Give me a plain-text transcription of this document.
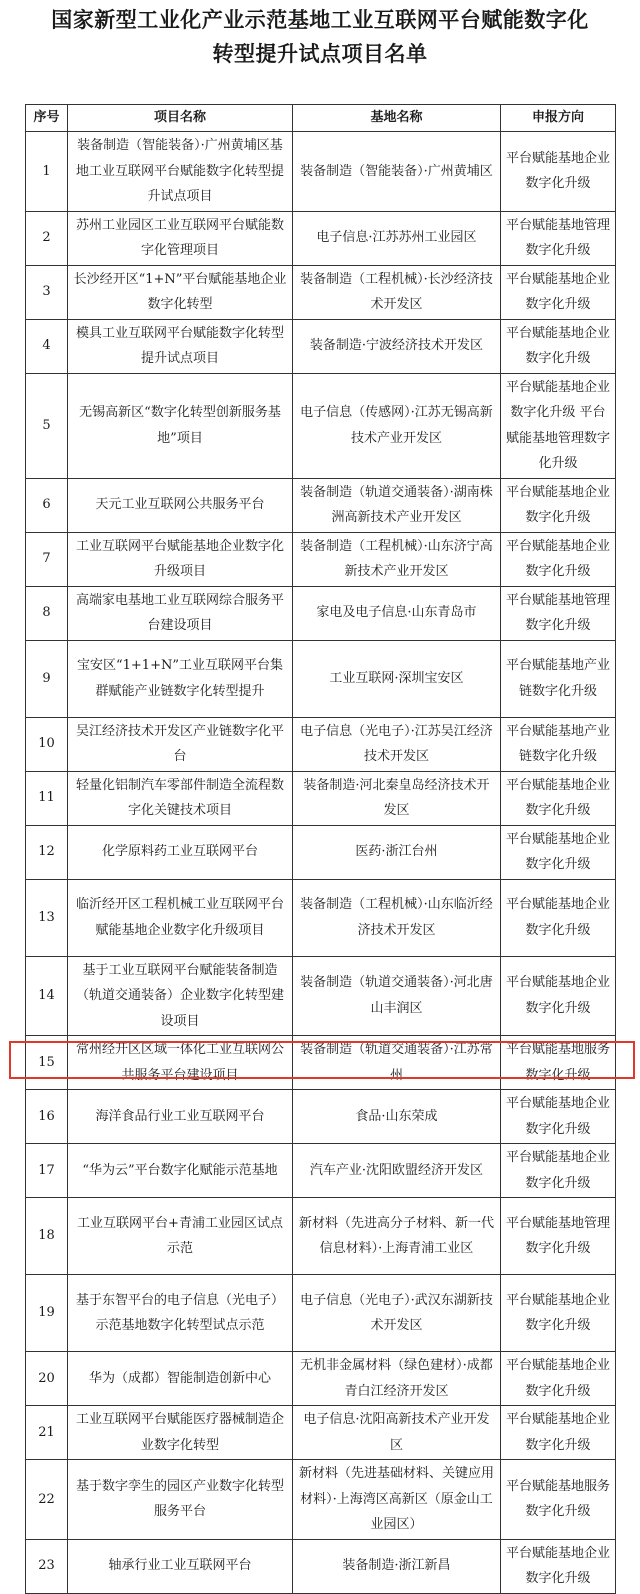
国家新型工业化产业示范基地工业互联网平台赋能数字化
转型提升试点项目名单
序号	项目名称	基地名称	申报方向
1	装备制造（智能装备）·广州黄埔区基地工业互联网平台赋能数字化转型提升试点项目	装备制造（智能装备）·广州黄埔区	平台赋能基地企业数字化升级
2	苏州工业园区工业互联网平台赋能数字化管理项目	电子信息·江苏苏州工业园区	平台赋能基地管理数字化升级
3	长沙经开区“1+N”平台赋能基地企业数字化转型	装备制造（工程机械）·长沙经济技术开发区	平台赋能基地企业数字化升级
4	模具工业互联网平台赋能数字化转型提升试点项目	装备制造·宁波经济技术开发区	平台赋能基地企业数字化升级
5	无锡高新区“数字化转型创新服务基地”项目	电子信息（传感网）·江苏无锡高新技术产业开发区	平台赋能基地企业数字化升级 平台赋能基地管理数字化升级
6	天元工业互联网公共服务平台	装备制造（轨道交通装备）·湖南株洲高新技术产业开发区	平台赋能基地企业数字化升级
7	工业互联网平台赋能基地企业数字化升级项目	装备制造（工程机械）·山东济宁高新技术产业开发区	平台赋能基地企业数字化升级
8	高端家电基地工业互联网综合服务平台建设项目	家电及电子信息·山东青岛市	平台赋能基地管理数字化升级
9	宝安区“1+1+N”工业互联网平台集群赋能产业链数字化转型提升	工业互联网·深圳宝安区	平台赋能基地产业链数字化升级
10	吴江经济技术开发区产业链数字化平台	电子信息（光电子）·江苏吴江经济技术开发区	平台赋能基地产业链数字化升级
11	轻量化铝制汽车零部件制造全流程数字化关键技术项目	装备制造·河北秦皇岛经济技术开发区	平台赋能基地企业数字化升级
12	化学原料药工业互联网平台	医药·浙江台州	平台赋能基地企业数字化升级
13	临沂经开区工程机械工业互联网平台赋能基地企业数字化升级项目	装备制造（工程机械）·山东临沂经济技术开发区	平台赋能基地企业数字化升级
14	基于工业互联网平台赋能装备制造（轨道交通装备）企业数字化转型建设项目	装备制造（轨道交通装备）·河北唐山丰润区	平台赋能基地企业数字化升级
15	常州经开区区域一体化工业互联网公共服务平台建设项目	装备制造（轨道交通装备）·江苏常州	平台赋能基地服务数字化升级
16	海洋食品行业工业互联网平台	食品·山东荣成	平台赋能基地企业数字化升级
17	“华为云”平台数字化赋能示范基地	汽车产业·沈阳欧盟经济开发区	平台赋能基地企业数字化升级
18	工业互联网平台+青浦工业园区试点示范	新材料（先进高分子材料、新一代信息材料）·上海青浦工业区	平台赋能基地管理数字化升级
19	基于东智平台的电子信息（光电子）示范基地数字化转型试点示范	电子信息（光电子）·武汉东湖新技术开发区	平台赋能基地企业数字化升级
20	华为（成都）智能制造创新中心	无机非金属材料（绿色建材）·成都青白江经济开发区	平台赋能基地企业数字化升级
21	工业互联网平台赋能医疗器械制造企业数字化转型	电子信息·沈阳高新技术产业开发区	平台赋能基地企业数字化升级
22	基于数字孪生的园区产业数字化转型服务平台	新材料（先进基础材料、关键应用材料）·上海湾区高新区（原金山工业园区）	平台赋能基地服务数字化升级
23	轴承行业工业互联网平台	装备制造·浙江新昌	平台赋能基地企业数字化升级
